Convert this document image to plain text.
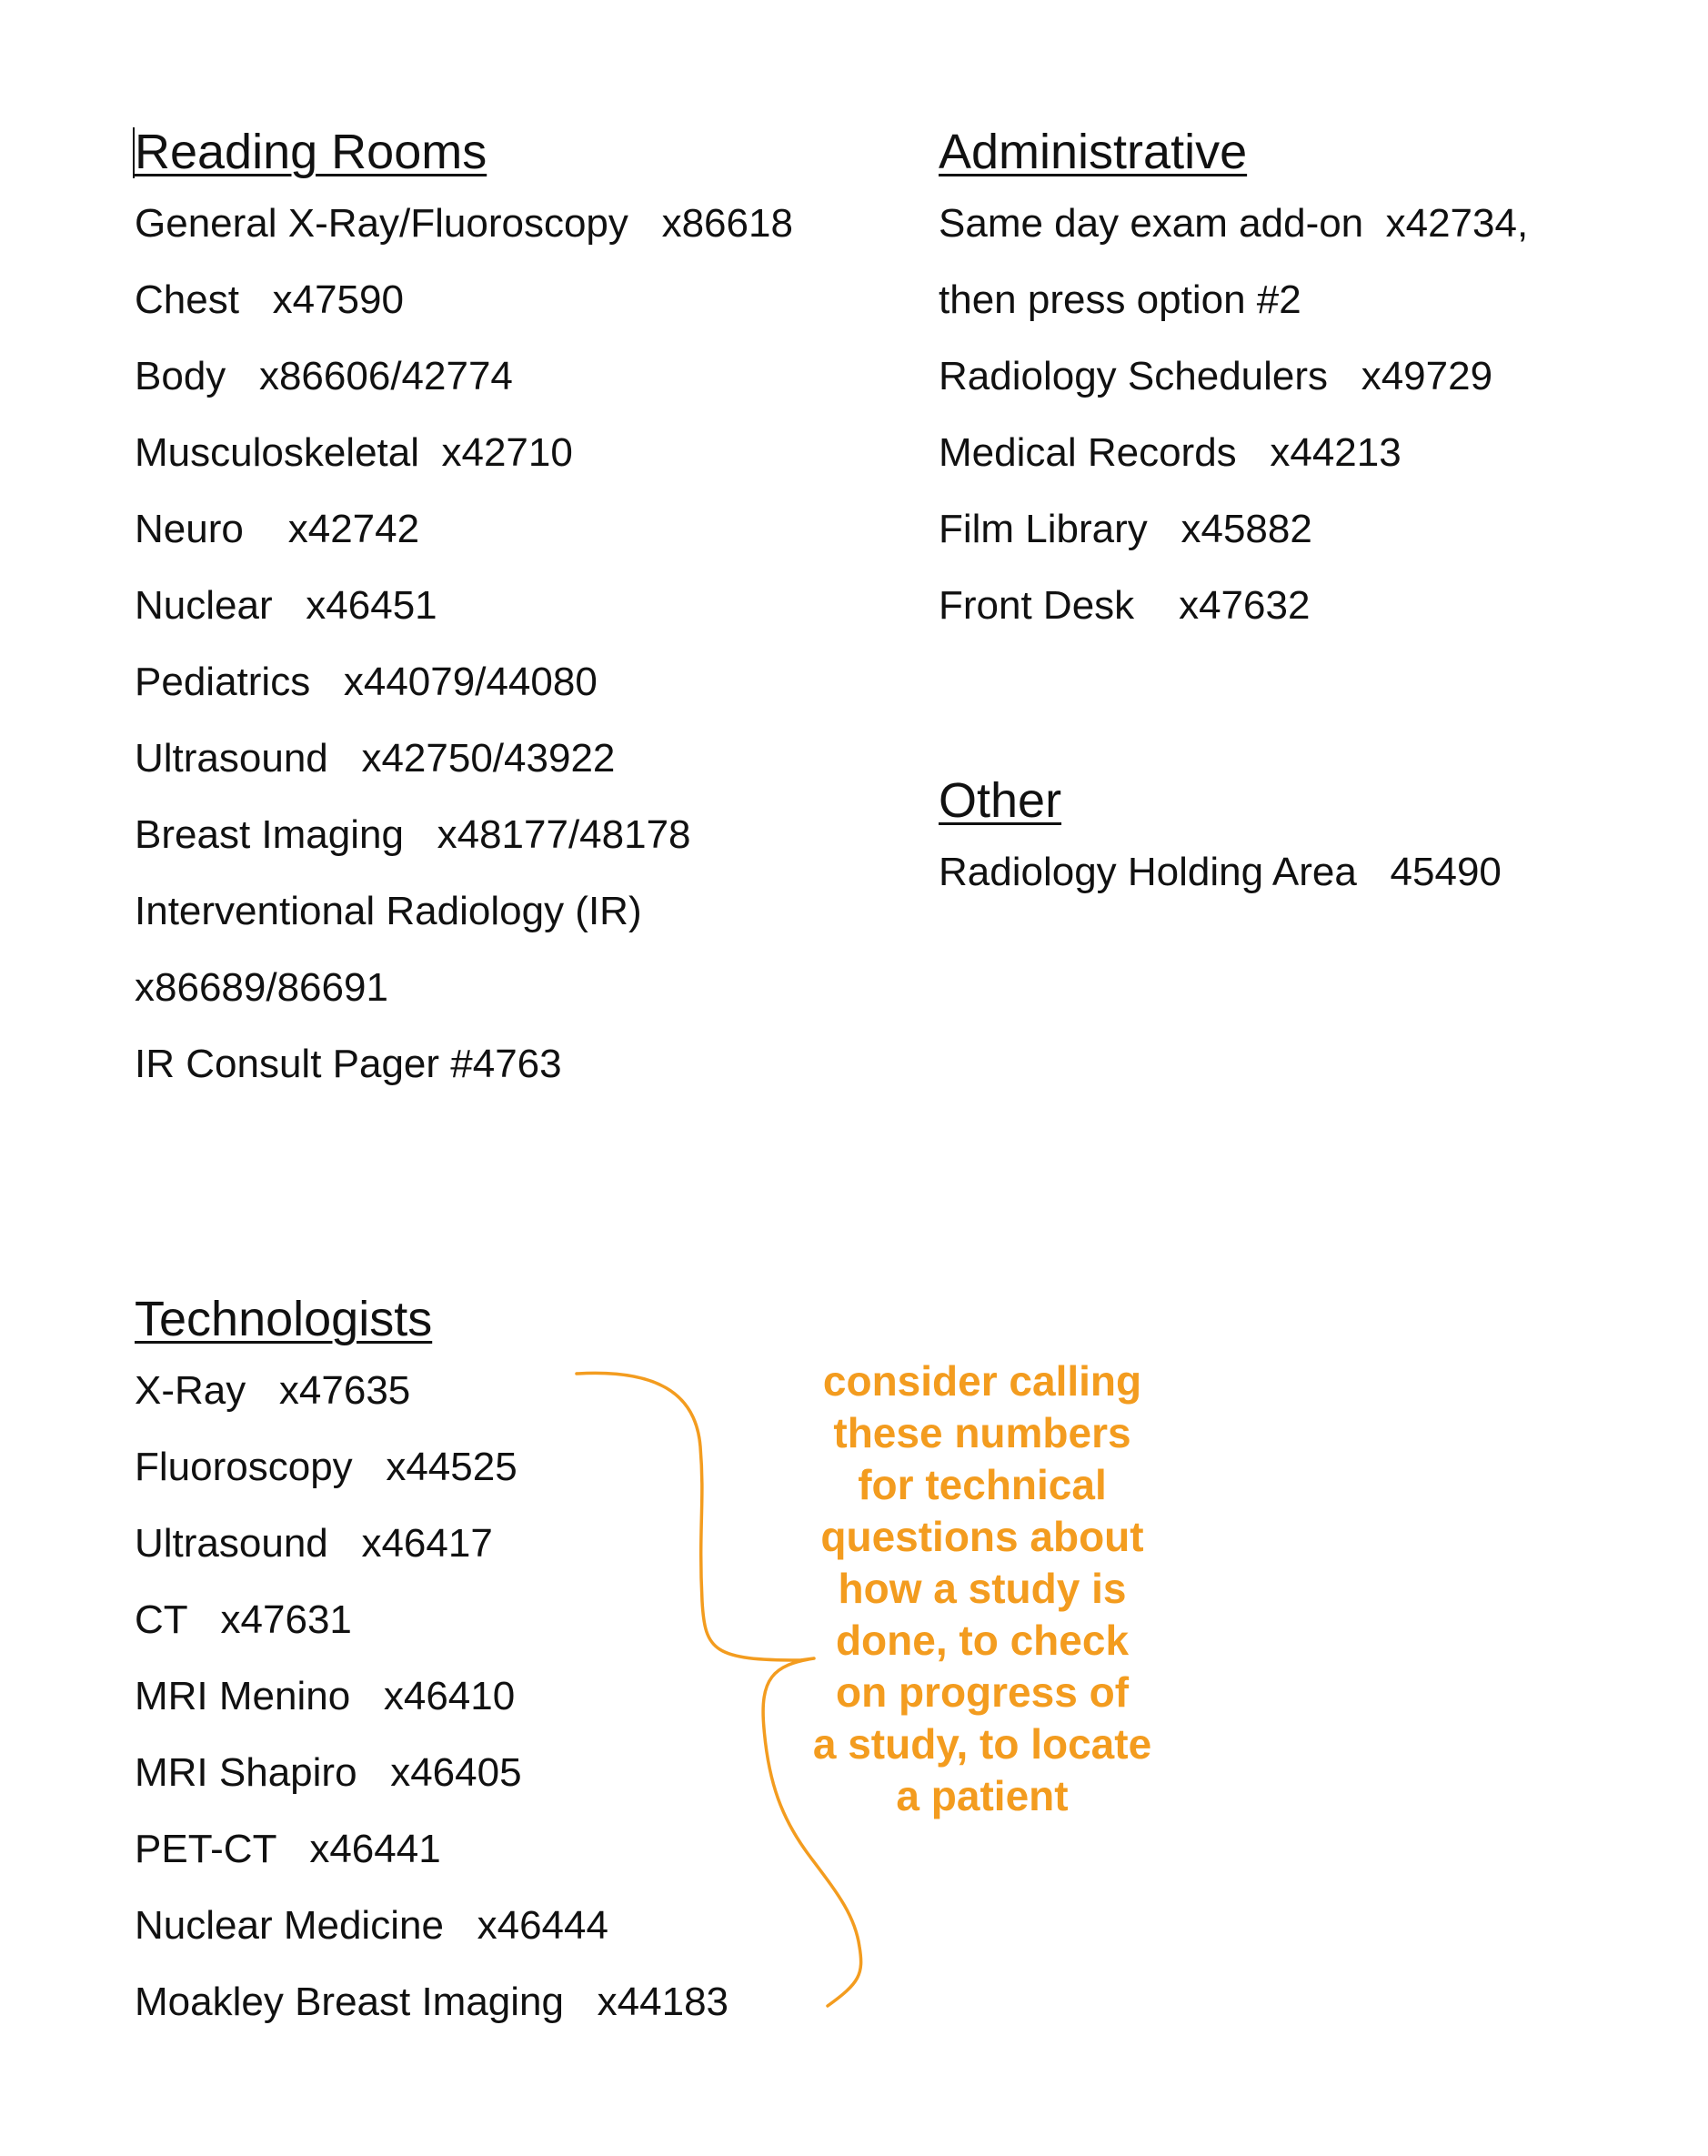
Reading Rooms
General X-Ray/Fluoroscopy   x86618
Chest   x47590
Body   x86606/42774
Musculoskeletal  x42710
Neuro    x42742
Nuclear   x46451
Pediatrics   x44079/44080
Ultrasound   x42750/43922
Breast Imaging   x48177/48178
Interventional Radiology (IR)
x86689/86691
IR Consult Pager #4763
Administrative
Same day exam add-on  x42734,
then press option #2
Radiology Schedulers   x49729
Medical Records   x44213
Film Library   x45882
Front Desk    x47632
Other
Radiology Holding Area   45490
Technologists
X-Ray   x47635
Fluoroscopy   x44525
Ultrasound   x46417
CT   x47631
MRI Menino   x46410
MRI Shapiro   x46405
PET-CT   x46441
Nuclear Medicine   x46444
Moakley Breast Imaging   x44183

consider calling
these numbers
for technical
questions about
how a study is
done, to check
on progress of
a study, to locate
a patient
